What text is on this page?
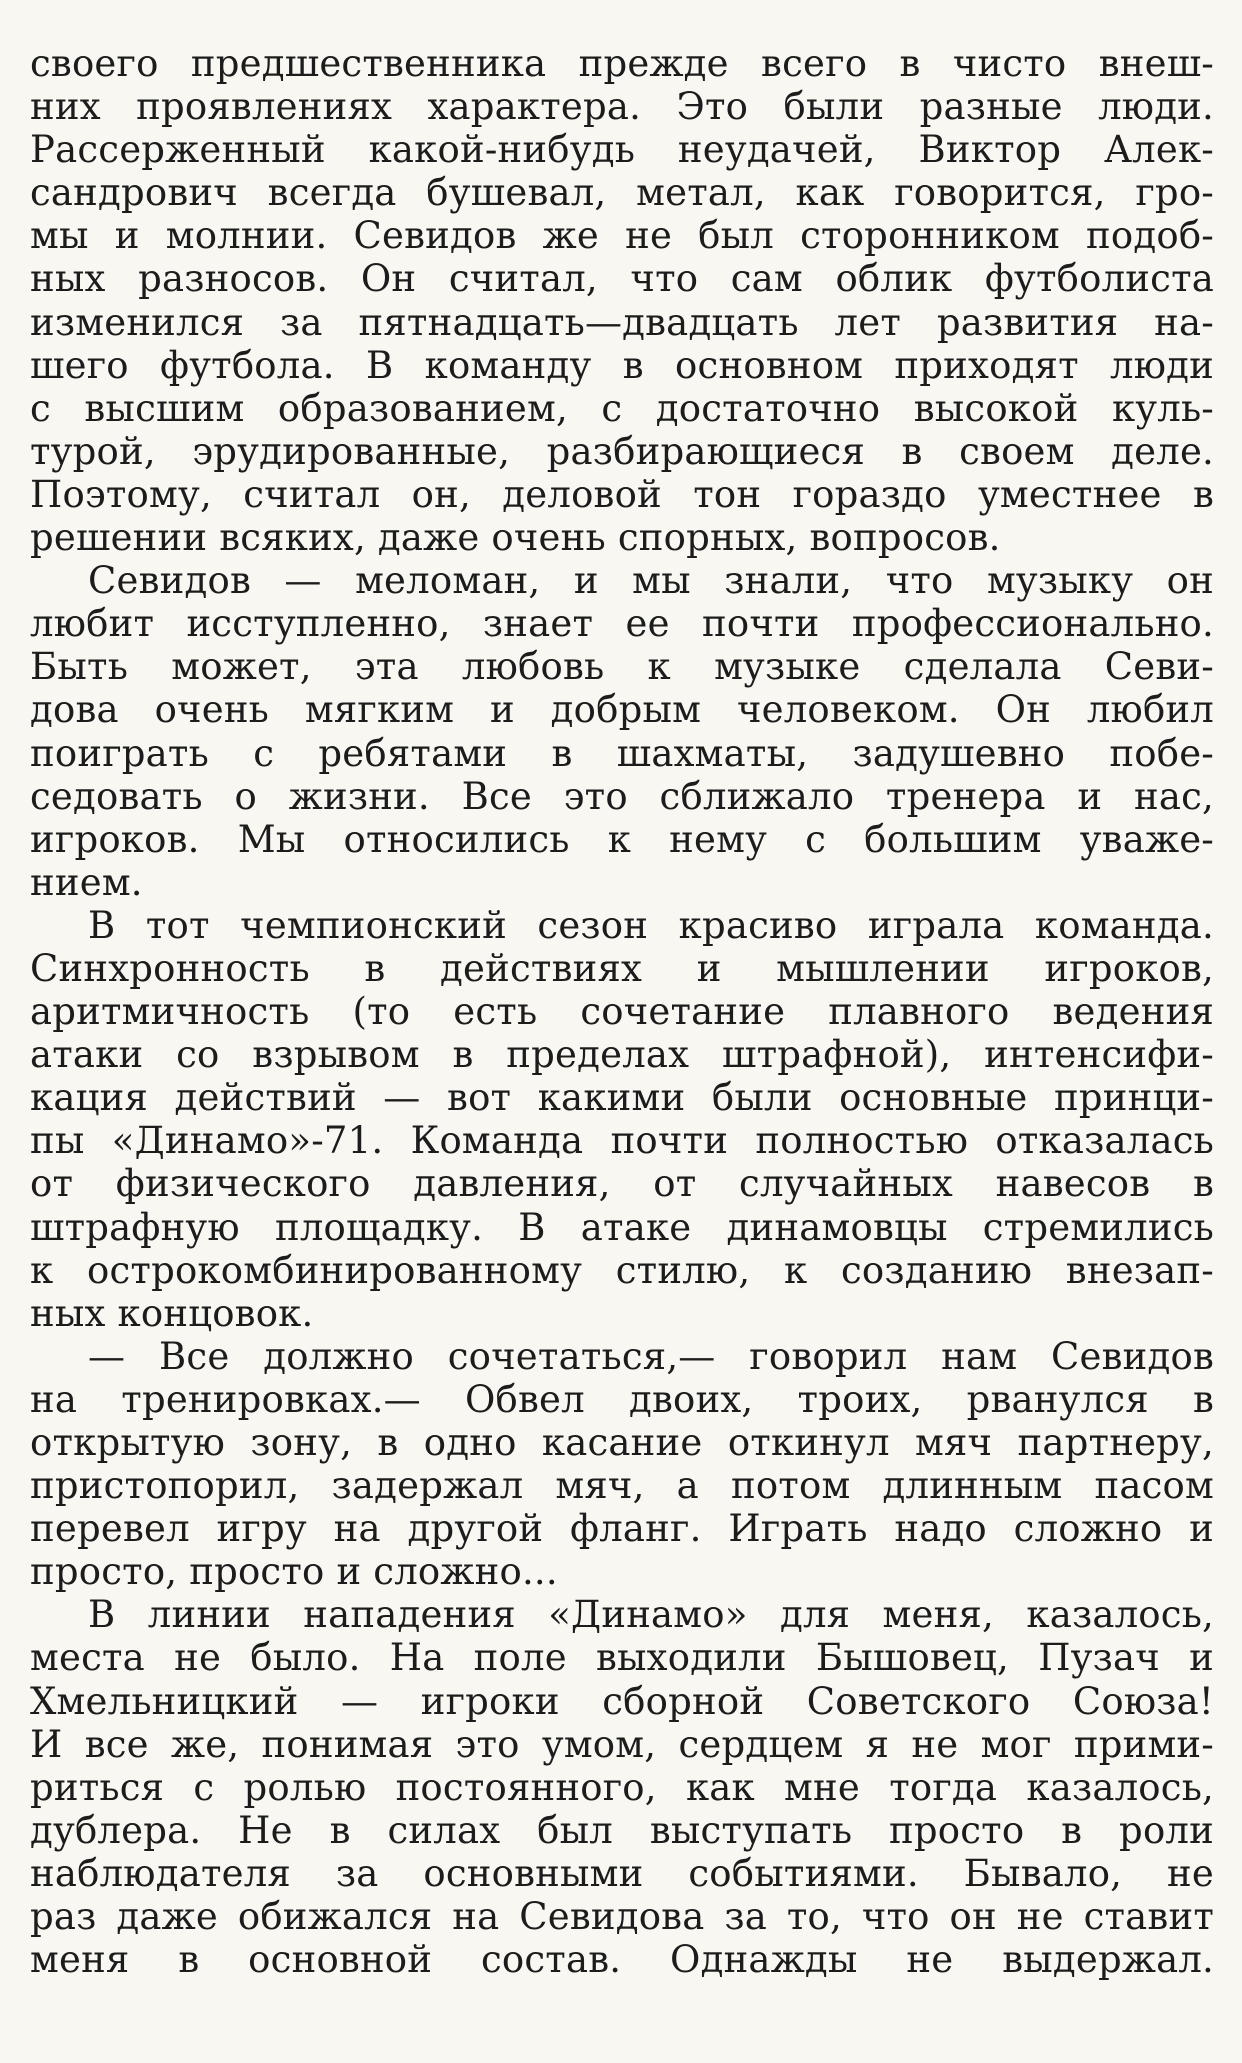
своего предшественника прежде всего в чисто внеш-
них проявлениях характера. Это были разные люди.
Рассерженный какой-нибудь неудачей, Виктор Алек-
сандрович всегда бушевал, метал, как говорится, гро-
мы и молнии. Севидов же не был сторонником подоб-
ных разносов. Он считал, что сам облик футболиста
изменился за пятнадцать—двадцать лет развития на-
шего футбола. В команду в основном приходят люди
с высшим образованием, с достаточно высокой куль-
турой, эрудированные, разбирающиеся в своем деле.
Поэтому, считал он, деловой тон гораздо уместнее в
решении всяких, даже очень спорных, вопросов.
Севидов — меломан, и мы знали, что музыку он
любит исступленно, знает ее почти профессионально.
Быть может, эта любовь к музыке сделала Севи-
дова очень мягким и добрым человеком. Он любил
поиграть с ребятами в шахматы, задушевно побе-
седовать о жизни. Все это сближало тренера и нас,
игроков. Мы относились к нему с большим уваже-
нием.
В тот чемпионский сезон красиво играла команда.
Синхронность в действиях и мышлении игроков,
аритмичность (то есть сочетание плавного ведения
атаки со взрывом в пределах штрафной), интенсифи-
кация действий — вот какими были основные принци-
пы «Динамо»-71. Команда почти полностью отказалась
от физического давления, от случайных навесов в
штрафную площадку. В атаке динамовцы стремились
к острокомбинированному стилю, к созданию внезап-
ных концовок.
— Все должно сочетаться,— говорил нам Севидов
на тренировках.— Обвел двоих, троих, рванулся в
открытую зону, в одно касание откинул мяч партнеру,
пристопорил, задержал мяч, а потом длинным пасом
перевел игру на другой фланг. Играть надо сложно и
просто, просто и сложно...
В линии нападения «Динамо» для меня, казалось,
места не было. На поле выходили Бышовец, Пузач и
Хмельницкий — игроки сборной Советского Союза!
И все же, понимая это умом, сердцем я не мог прими-
риться с ролью постоянного, как мне тогда казалось,
дублера. Не в силах был выступать просто в роли
наблюдателя за основными событиями. Бывало, не
раз даже обижался на Севидова за то, что он не ставит
меня в основной состав. Однажды не выдержал.
